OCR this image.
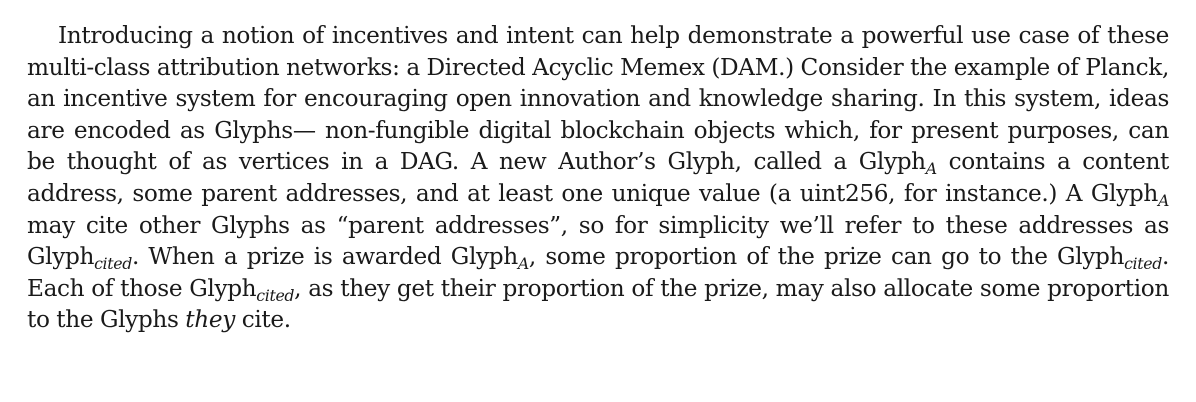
Introducing a notion of incentives and intent can help demonstrate a powerful use case of these multi-class attribution networks: a Directed Acyclic Memex (DAM.) Consider the example of Planck, an incentive system for encouraging open innovation and knowledge sharing. In this system, ideas are encoded as Glyphs— non-fungible digital blockchain objects which, for present purposes, can be thought of as vertices in a DAG. A new Author’s Glyph, called a Glyph$_A$ contains a content address, some parent addresses, and at least one unique value (a uint256, for instance.) A Glyph$_A$ may cite other Glyphs as “parent addresses”, so for simplicity we’ll refer to these addresses as Glyph$_{cited}$. When a prize is awarded Glyph$_A$, some proportion of the prize can go to the Glyph$_{cited}$. Each of those Glyph$_{cited}$, as they get their proportion of the prize, may also allocate some proportion to the Glyphs they cite.
